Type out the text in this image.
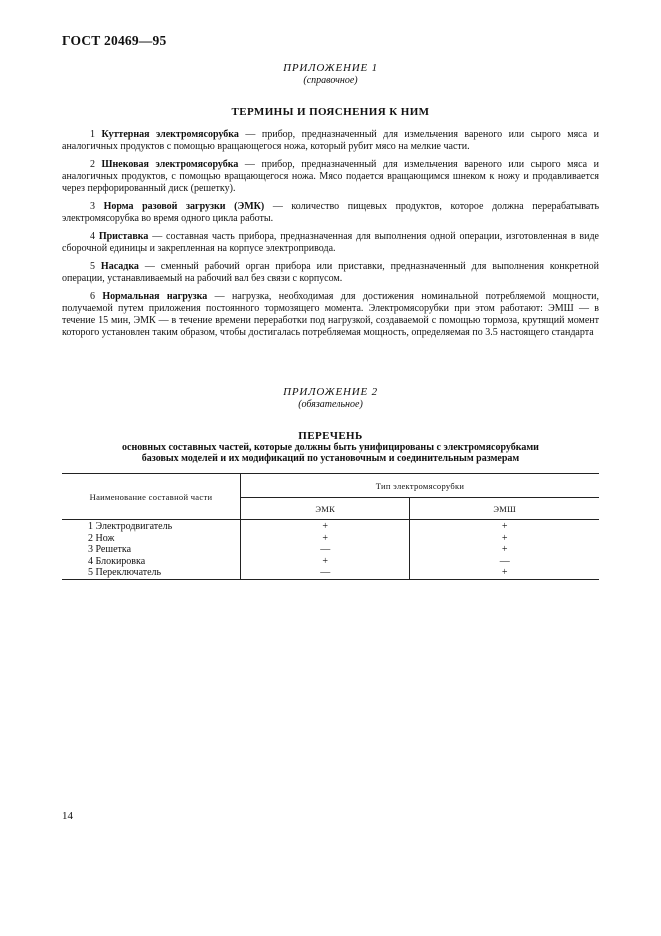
ГОСТ 20469—95
ПРИЛОЖЕНИЕ 1
(справочное)
ТЕРМИНЫ И ПОЯСНЕНИЯ К НИМ

1 Куттерная электромясорубка — прибор, предназначенный для измельчения вареного или сырого мяса и аналогичных продуктов с помощью вращающегося ножа, который рубит мясо на мелкие части.

2 Шнековая электромясорубка — прибор, предназначенный для измельчения вареного или сырого мяса и аналогичных продуктов, с помощью вращающегося ножа. Мясо подается вращающимся шнеком к ножу и продавливается через перфорированный диск (решетку).

3 Норма разовой загрузки (ЭМК) — количество пищевых продуктов, которое должна перерабатывать электромясорубка во время одного цикла работы.

4 Приставка — составная часть прибора, предназначенная для выполнения одной операции, изготовленная в виде сборочной единицы и закрепленная на корпусе электропривода.

5 Насадка — сменный рабочий орган прибора или приставки, предназначенный для выполнения конкретной операции, устанавливаемый на рабочий вал без связи с корпусом.

6 Нормальная нагрузка — нагрузка, необходимая для достижения номинальной потребляемой мощности, получаемой путем приложения постоянного тормозящего момента. Электромясорубки при этом работают: ЭМШ — в течение 15 мин, ЭМК — в течение времени переработки под нагрузкой, создаваемой с помощью тормоза, крутящий момент которого установлен таким образом, чтобы достигалась потребляемая мощность, определяемая по 3.5 настоящего стандарта

ПРИЛОЖЕНИЕ 2
(обязательное)
ПЕРЕЧЕНЬ
основных составных частей, которые должны быть унифицированы с электромясорубками
базовых моделей и их модификаций по установочным и соединительным размерам
Наименование составной части	Тип электромясорубки	
	ЭМК	ЭМШ
1 Электродвигатель	+	+
2 Нож	+	+
3 Решетка	—	+
4 Блокировка	+	—
5 Переключатель	—	+
14
